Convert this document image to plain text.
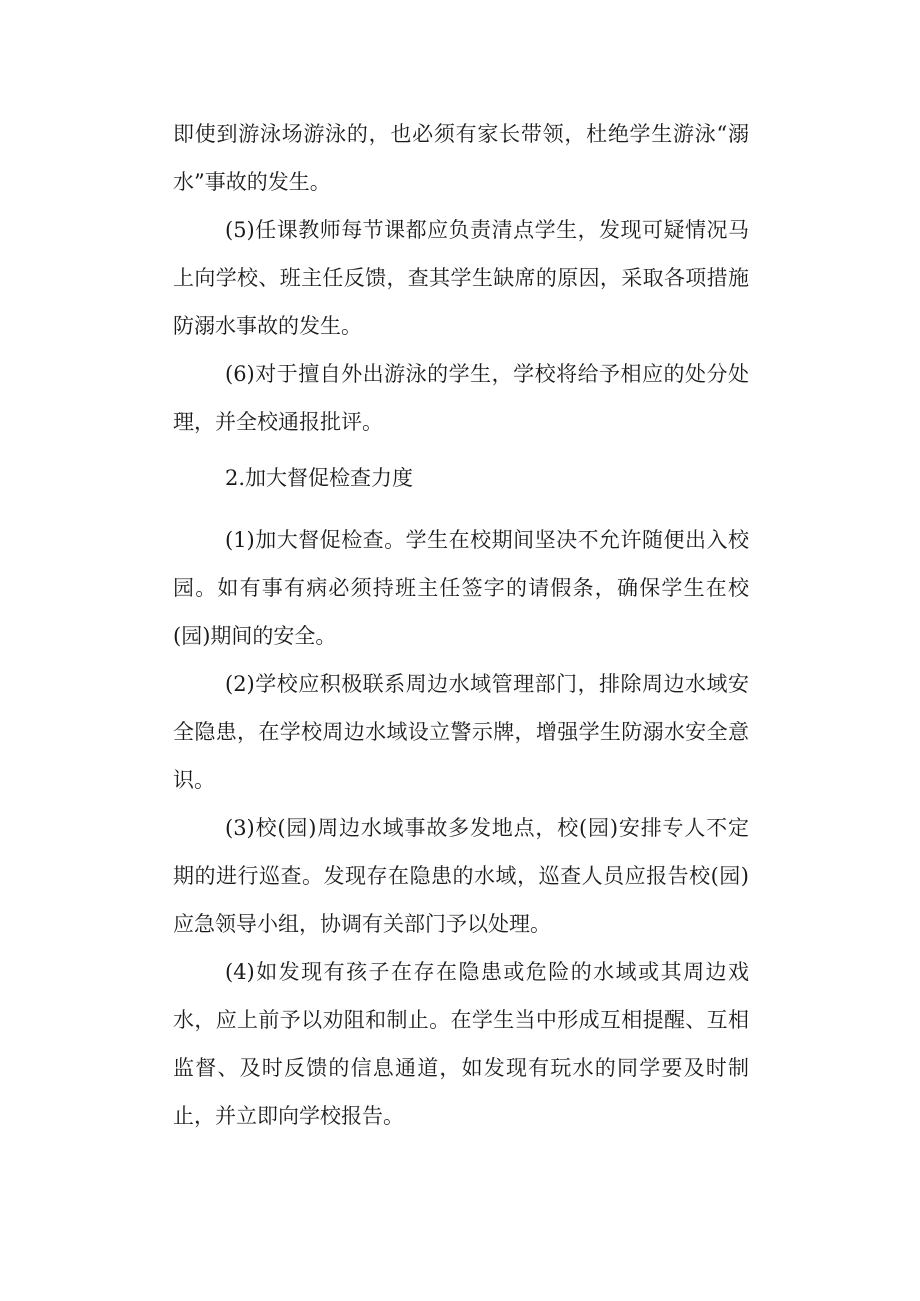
即使到游泳场游泳的，也必须有家长带领，杜绝学生游泳“溺水”事故的发生。

(5)任课教师每节课都应负责清点学生，发现可疑情况马上向学校、班主任反馈，查其学生缺席的原因，采取各项措施防溺水事故的发生。

(6)对于擅自外出游泳的学生，学校将给予相应的处分处理，并全校通报批评。

2.加大督促检查力度

(1)加大督促检查。学生在校期间坚决不允许随便出入校园。如有事有病必须持班主任签字的请假条，确保学生在校(园)期间的安全。

(2)学校应积极联系周边水域管理部门，排除周边水域安全隐患，在学校周边水域设立警示牌，增强学生防溺水安全意识。

(3)校(园)周边水域事故多发地点，校(园)安排专人不定期的进行巡查。发现存在隐患的水域，巡查人员应报告校(园)应急领导小组，协调有关部门予以处理。

(4)如发现有孩子在存在隐患或危险的水域或其周边戏水，应上前予以劝阻和制止。在学生当中形成互相提醒、互相监督、及时反馈的信息通道，如发现有玩水的同学要及时制止，并立即向学校报告。
